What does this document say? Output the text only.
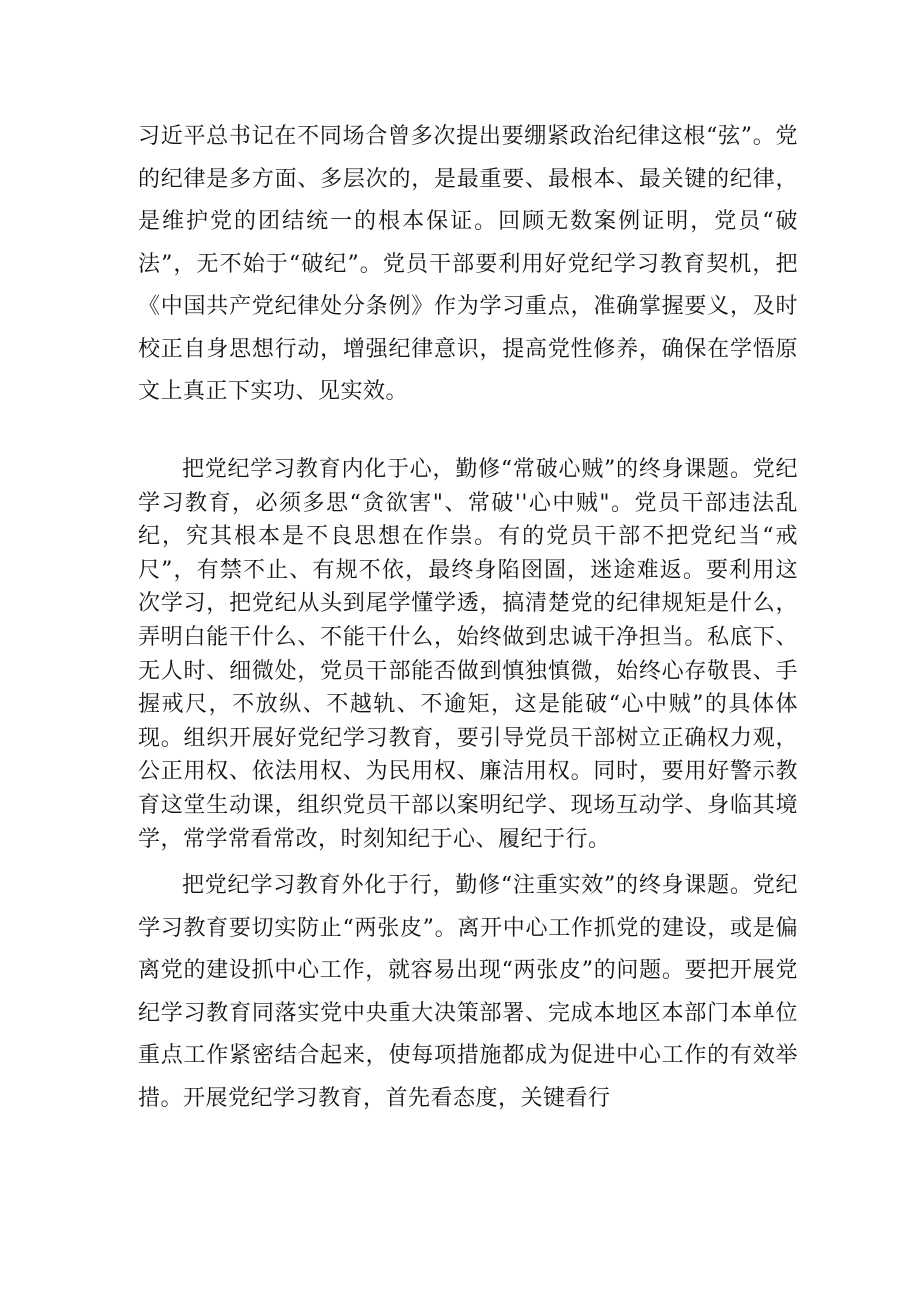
习近平总书记在不同场合曾多次提出要绷紧政治纪律这根“弦”。党的纪律是多方面、多层次的，是最重要、最根本、最关键的纪律，是维护党的团结统一的根本保证。回顾无数案例证明，党员“破法”，无不始于“破纪”。党员干部要利用好党纪学习教育契机，把《中国共产党纪律处分条例》作为学习重点，准确掌握要义，及时校正自身思想行动，增强纪律意识，提高党性修养，确保在学悟原文上真正下实功、见实效。

把党纪学习教育内化于心，勤修“常破心贼”的终身课题。党纪学习教育，必须多思“贪欲害"、常破''心中贼"。党员干部违法乱纪，究其根本是不良思想在作祟。有的党员干部不把党纪当“戒尺”，有禁不止、有规不依，最终身陷囹圄，迷途难返。要利用这次学习，把党纪从头到尾学懂学透，搞清楚党的纪律规矩是什么，弄明白能干什么、不能干什么，始终做到忠诚干净担当。私底下、无人时、细微处，党员干部能否做到慎独慎微，始终心存敬畏、手握戒尺，不放纵、不越轨、不逾矩，这是能破“心中贼”的具体体现。组织开展好党纪学习教育，要引导党员干部树立正确权力观，公正用权、依法用权、为民用权、廉洁用权。同时，要用好警示教育这堂生动课，组织党员干部以案明纪学、现场互动学、身临其境学，常学常看常改，时刻知纪于心、履纪于行。

把党纪学习教育外化于行，勤修“注重实效”的终身课题。党纪学习教育要切实防止“两张皮”。离开中心工作抓党的建设，或是偏离党的建设抓中心工作，就容易出现“两张皮”的问题。要把开展党纪学习教育同落实党中央重大决策部署、完成本地区本部门本单位重点工作紧密结合起来，使每项措施都成为促进中心工作的有效举措。开展党纪学习教育，首先看态度，关键看行
